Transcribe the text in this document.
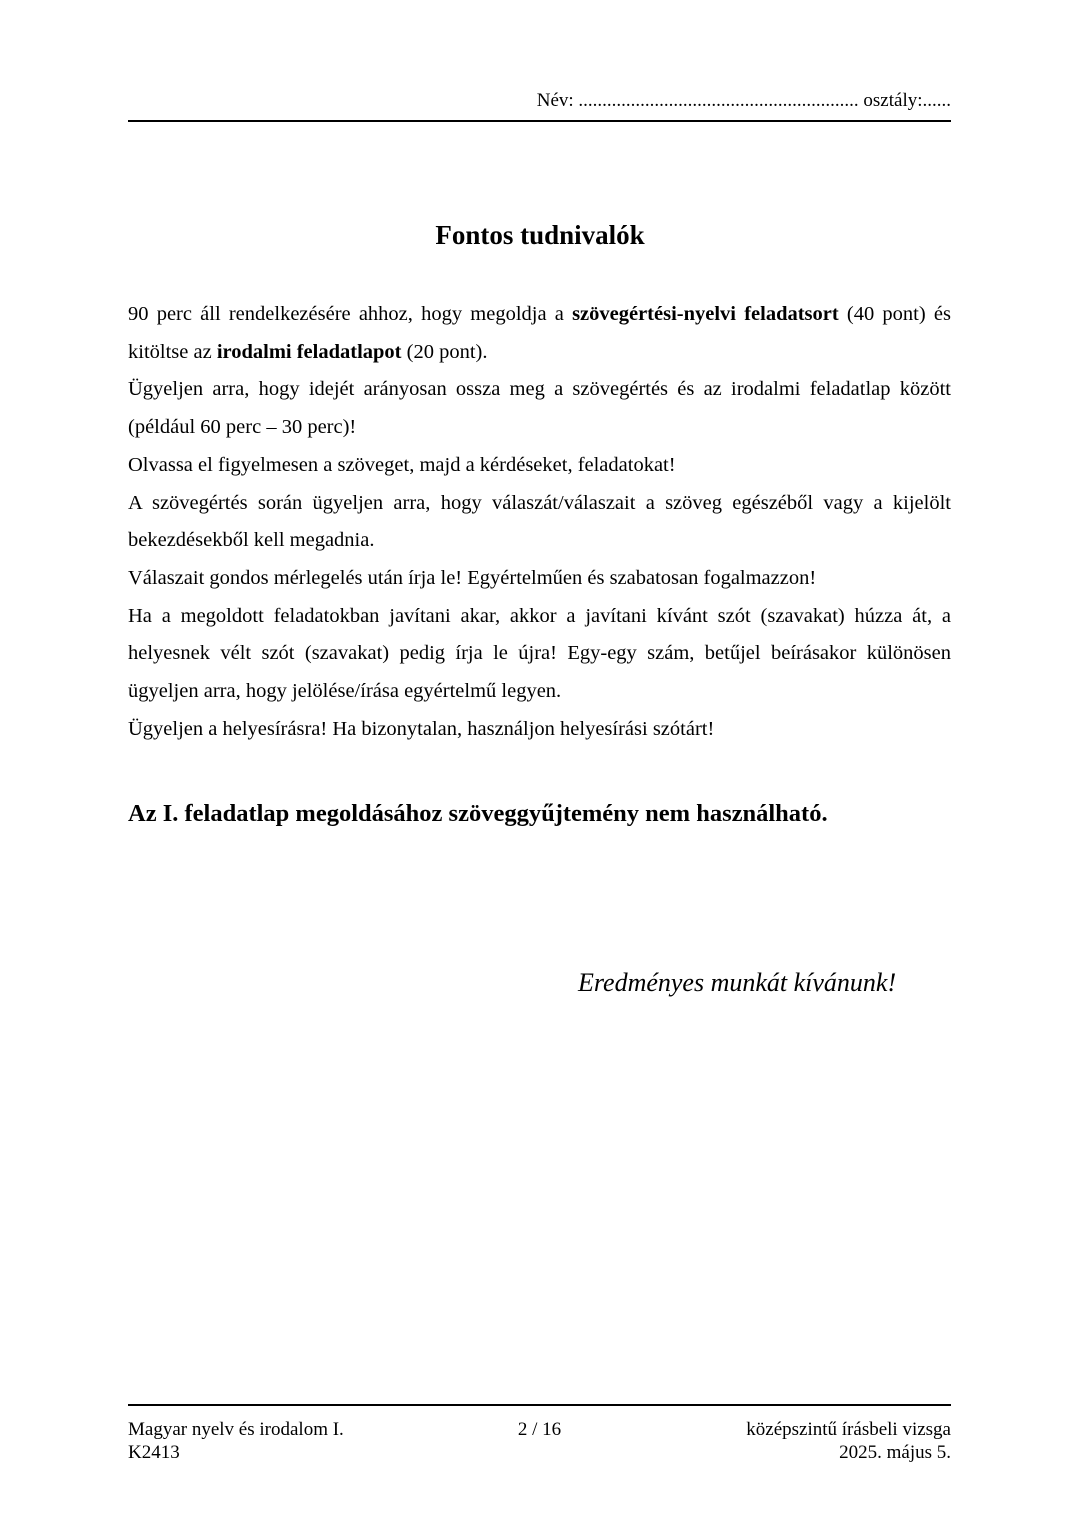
Név: ........................................................... osztály:......
Fontos tudnivalók

90 perc áll rendelkezésére ahhoz, hogy megoldja a szövegértési-nyelvi feladatsort (40 pont) és kitöltse az irodalmi feladatlapot (20 pont).

Ügyeljen arra, hogy idejét arányosan ossza meg a szövegértés és az irodalmi feladatlap között (például 60 perc – 30 perc)!

Olvassa el figyelmesen a szöveget, majd a kérdéseket, feladatokat!

A szövegértés során ügyeljen arra, hogy válaszát/válaszait a szöveg egészéből vagy a kijelölt bekezdésekből kell megadnia.

Válaszait gondos mérlegelés után írja le! Egyértelműen és szabatosan fogalmazzon!

Ha a megoldott feladatokban javítani akar, akkor a javítani kívánt szót (szavakat) húzza át, a helyesnek vélt szót (szavakat) pedig írja le újra! Egy-egy szám, betűjel beírásakor különösen ügyeljen arra, hogy jelölése/írása egyértelmű legyen.

Ügyeljen a helyesírásra! Ha bizonytalan, használjon helyesírási szótárt!

Az I. feladatlap megoldásához szöveggyűjtemény nem használható.
Eredményes munkát kívánunk!
Magyar nyelv és irodalom I.
K2413
2 / 16	középszintű írásbeli vizsga
2025. május 5.
